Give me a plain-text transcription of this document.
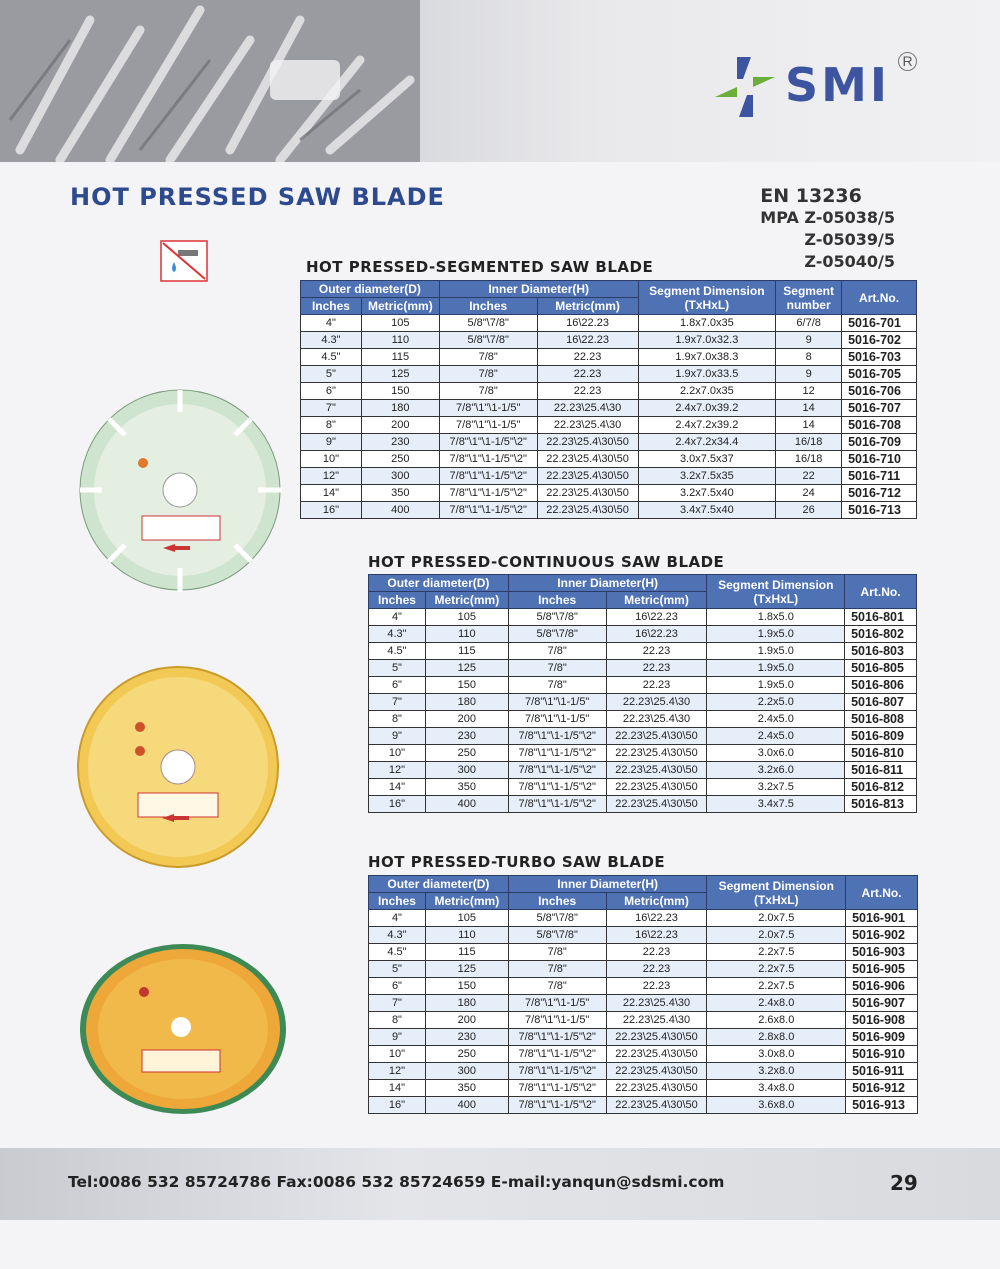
SMI R
HOT PRESSED SAW BLADE	EN 13236
MPA Z-05038/5
Z-05039/5
Z-05040/5
HOT PRESSED-SEGMENTED SAW BLADE
Outer diameter(D)		Inner Diameter(H)		Segment Dimension (TxHxL)	Segment number	Art.No.
Inches	Metric(mm)	Inches	Metric(mm)			
4"	105	5/8"\7/8"	16\22.23	1.8x7.0x35	6/7/8	5016-701
4.3"	110	5/8"\7/8"	16\22.23	1.9x7.0x32.3	9	5016-702
4.5"	115	7/8"	22.23	1.9x7.0x38.3	8	5016-703
5"	125	7/8"	22.23	1.9x7.0x33.5	9	5016-705
6"	150	7/8"	22.23	2.2x7.0x35	12	5016-706
7"	180	7/8"\1"\1-1/5"	22.23\25.4\30	2.4x7.0x39.2	14	5016-707
8"	200	7/8"\1"\1-1/5"	22.23\25.4\30	2.4x7.2x39.2	14	5016-708
9"	230	7/8"\1"\1-1/5"\2"	22.23\25.4\30\50	2.4x7.2x34.4	16/18	5016-709
10"	250	7/8"\1"\1-1/5"\2"	22.23\25.4\30\50	3.0x7.5x37	16/18	5016-710
12"	300	7/8"\1"\1-1/5"\2"	22.23\25.4\30\50	3.2x7.5x35	22	5016-711
14"	350	7/8"\1"\1-1/5"\2"	22.23\25.4\30\50	3.2x7.5x40	24	5016-712
16"	400	7/8"\1"\1-1/5"\2"	22.23\25.4\30\50	3.4x7.5x40	26	5016-713
HOT PRESSED-CONTINUOUS SAW BLADE
Outer diameter(D)		Inner Diameter(H)		Segment Dimension (TxHxL)	Art.No.
Inches	Metric(mm)	Inches	Metric(mm)		
4"	105	5/8"\7/8"	16\22.23	1.8x5.0	5016-801
4.3"	110	5/8"\7/8"	16\22.23	1.9x5.0	5016-802
4.5"	115	7/8"	22.23	1.9x5.0	5016-803
5"	125	7/8"	22.23	1.9x5.0	5016-805
6"	150	7/8"	22.23	1.9x5.0	5016-806
7"	180	7/8"\1"\1-1/5"	22.23\25.4\30	2.2x5.0	5016-807
8"	200	7/8"\1"\1-1/5"	22.23\25.4\30	2.4x5.0	5016-808
9"	230	7/8"\1"\1-1/5"\2"	22.23\25.4\30\50	2.4x5.0	5016-809
10"	250	7/8"\1"\1-1/5"\2"	22.23\25.4\30\50	3.0x6.0	5016-810
12"	300	7/8"\1"\1-1/5"\2"	22.23\25.4\30\50	3.2x6.0	5016-811
14"	350	7/8"\1"\1-1/5"\2"	22.23\25.4\30\50	3.2x7.5	5016-812
16"	400	7/8"\1"\1-1/5"\2"	22.23\25.4\30\50	3.4x7.5	5016-813
HOT PRESSED-TURBO SAW BLADE
Outer diameter(D)		Inner Diameter(H)		Segment Dimension (TxHxL)	Art.No.
Inches	Metric(mm)	Inches	Metric(mm)		
4"	105	5/8"\7/8"	16\22.23	2.0x7.5	5016-901
4.3"	110	5/8"\7/8"	16\22.23	2.0x7.5	5016-902
4.5"	115	7/8"	22.23	2.2x7.5	5016-903
5"	125	7/8"	22.23	2.2x7.5	5016-905
6"	150	7/8"	22.23	2.2x7.5	5016-906
7"	180	7/8"\1"\1-1/5"	22.23\25.4\30	2.4x8.0	5016-907
8"	200	7/8"\1"\1-1/5"	22.23\25.4\30	2.6x8.0	5016-908
9"	230	7/8"\1"\1-1/5"\2"	22.23\25.4\30\50	2.8x8.0	5016-909
10"	250	7/8"\1"\1-1/5"\2"	22.23\25.4\30\50	3.0x8.0	5016-910
12"	300	7/8"\1"\1-1/5"\2"	22.23\25.4\30\50	3.2x8.0	5016-911
14"	350	7/8"\1"\1-1/5"\2"	22.23\25.4\30\50	3.4x8.0	5016-912
16"	400	7/8"\1"\1-1/5"\2"	22.23\25.4\30\50	3.6x8.0	5016-913
Tel:0086 532 85724786 Fax:0086 532 85724659 E-mail:yanqun@sdsmi.com	29
